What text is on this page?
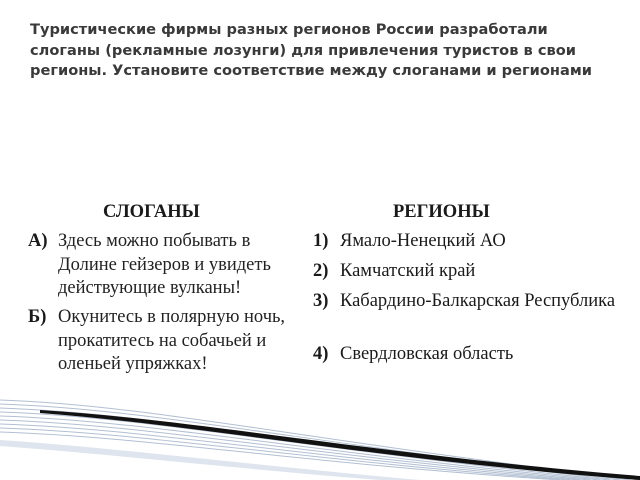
Туристические фирмы разных регионов России разработали слоганы (рекламные лозунги) для привлечения туристов в свои регионы. Установите соответствие между слоганами и регионами

СЛОГАНЫ	РЕГИОНЫ
А) Здесь можно побывать в Долине гейзеров и увидеть действующие вулканы!
Б) Окунитесь в полярную ночь, прокатитесь на собачьей и оленьей упряжках!
1) Ямало-Ненецкий АО
2) Камчатский край
3) Кабардино-Балкарская Республика
4) Свердловская область
